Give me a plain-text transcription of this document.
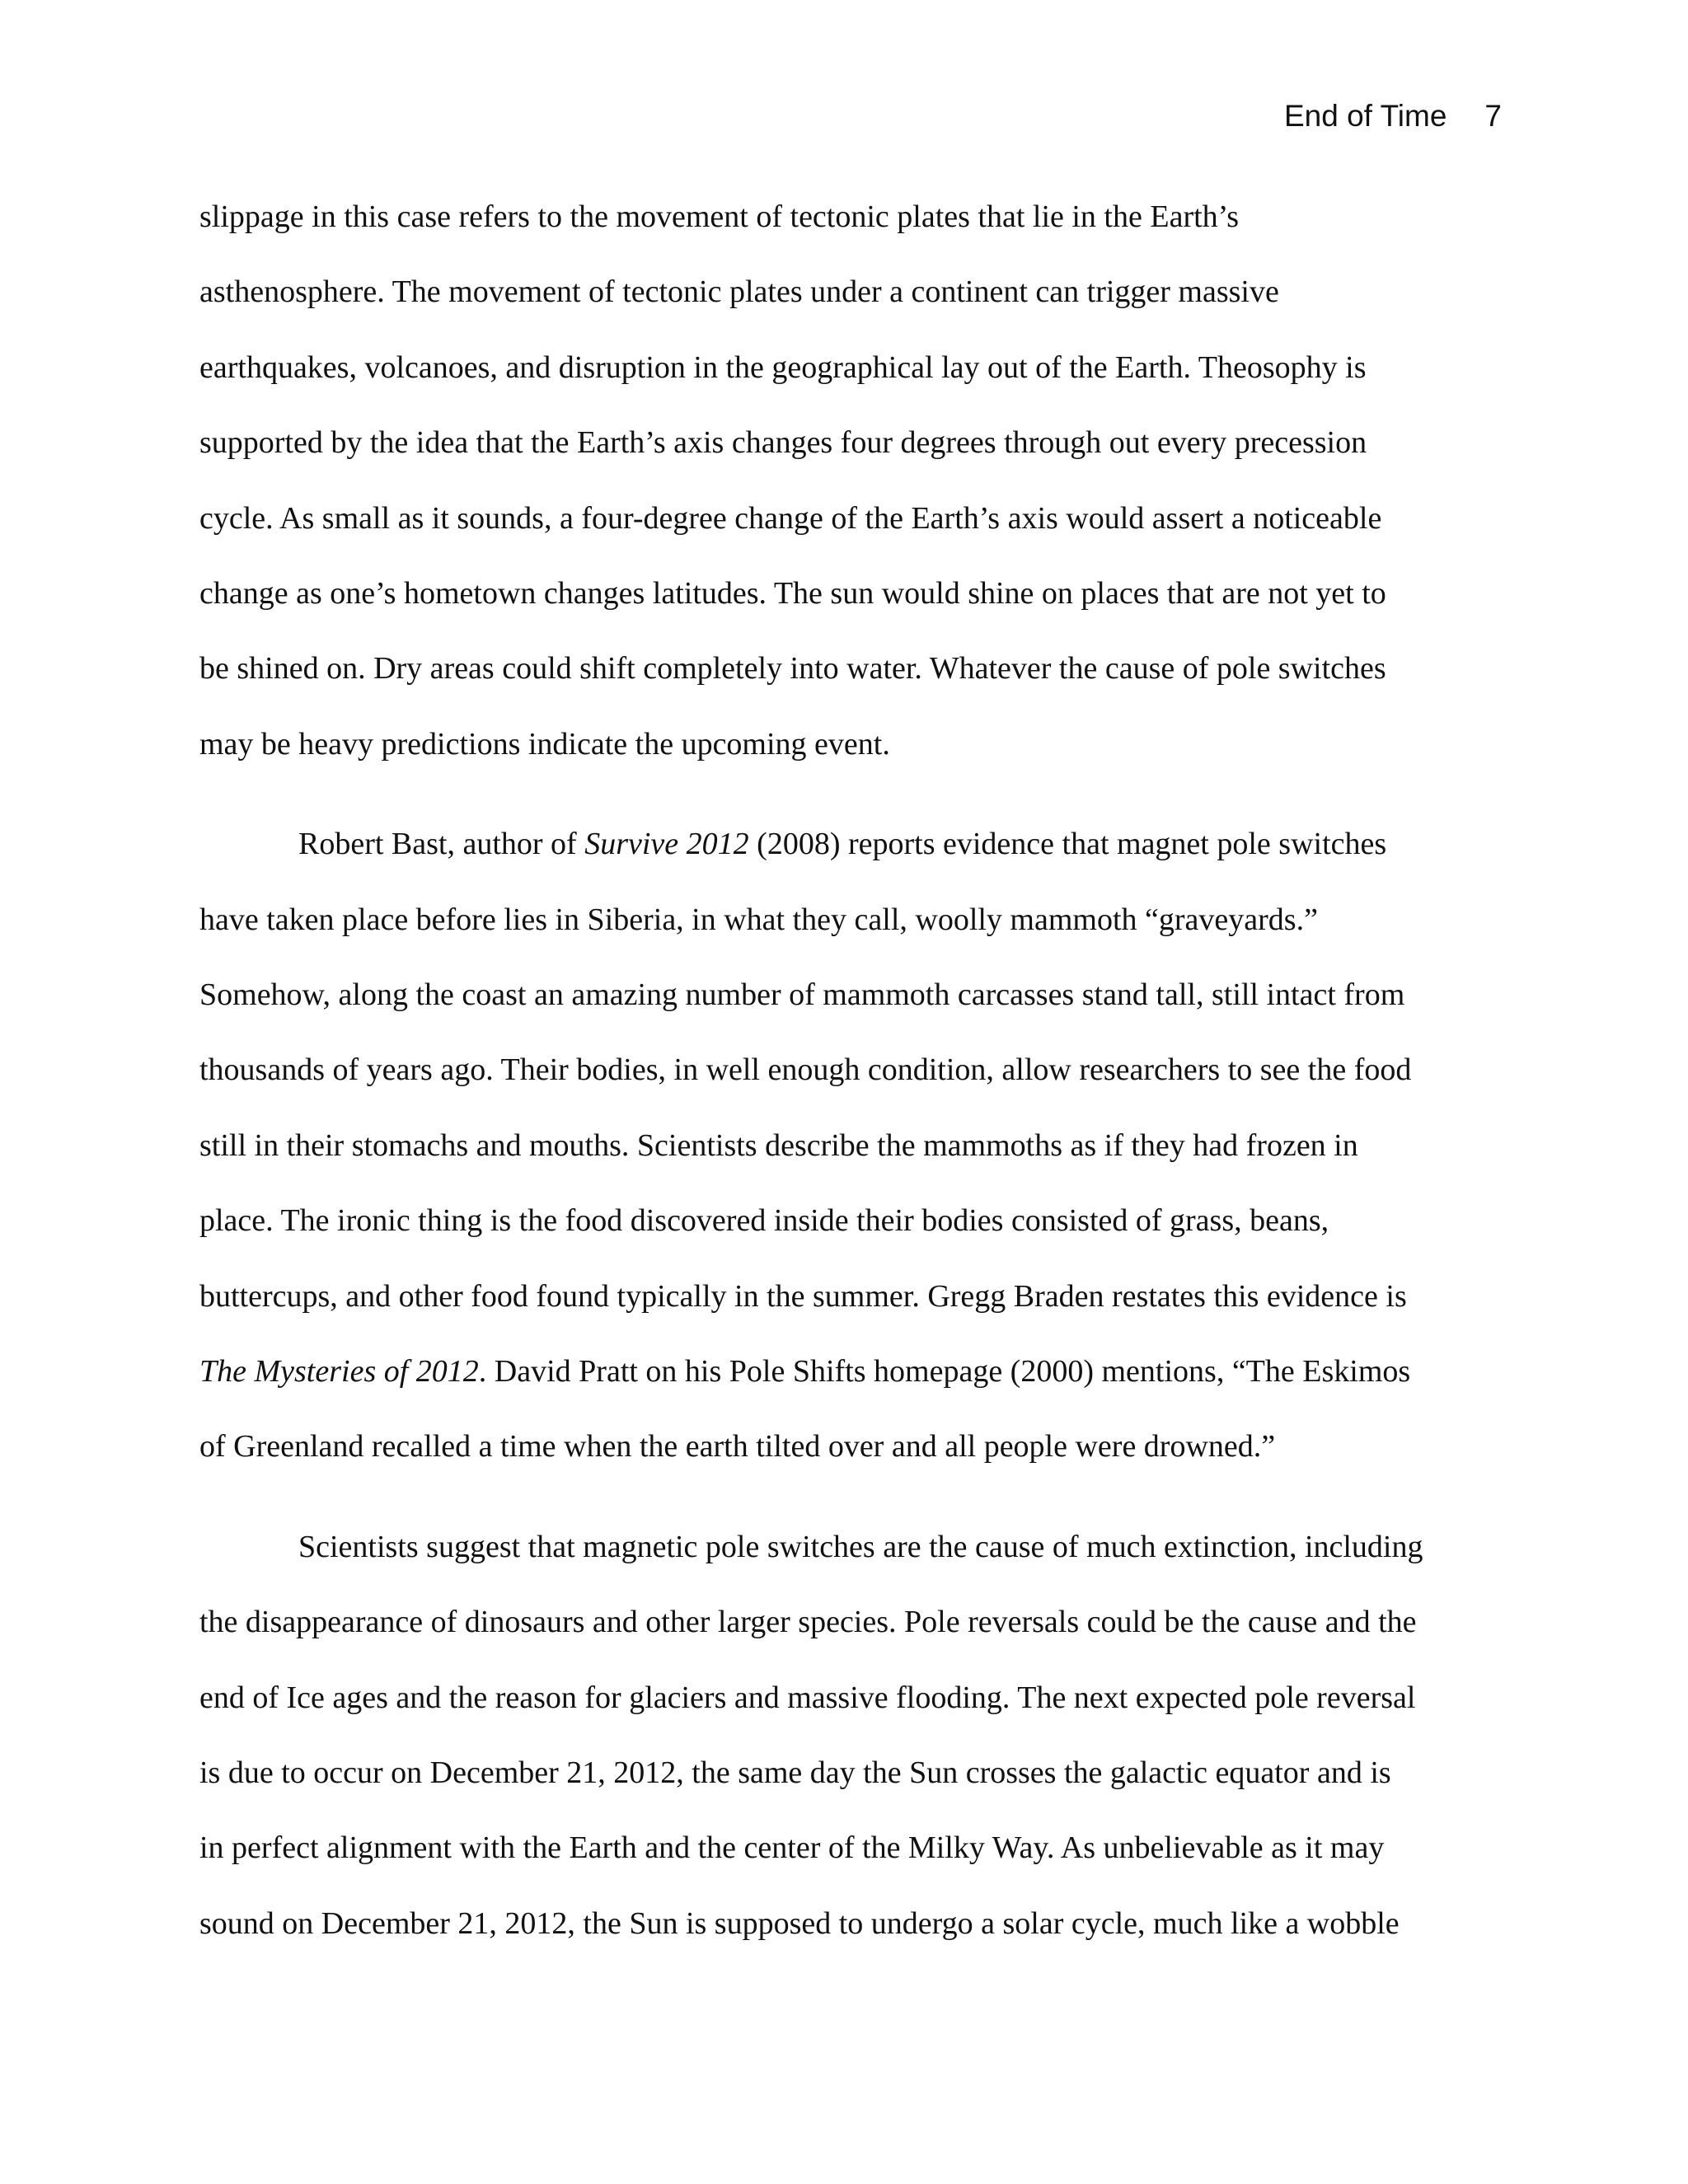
End of Time 7
slippage in this case refers to the movement of tectonic plates that lie in the Earth’s
asthenosphere. The movement of tectonic plates under a continent can trigger massive
earthquakes, volcanoes, and disruption in the geographical lay out of the Earth. Theosophy is
supported by the idea that the Earth’s axis changes four degrees through out every precession
cycle. As small as it sounds, a four-degree change of the Earth’s axis would assert a noticeable
change as one’s hometown changes latitudes. The sun would shine on places that are not yet to
be shined on. Dry areas could shift completely into water. Whatever the cause of pole switches
may be heavy predictions indicate the upcoming event.
Robert Bast, author of Survive 2012 (2008) reports evidence that magnet pole switches
have taken place before lies in Siberia, in what they call, woolly mammoth “graveyards.”
Somehow, along the coast an amazing number of mammoth carcasses stand tall, still intact from
thousands of years ago. Their bodies, in well enough condition, allow researchers to see the food
still in their stomachs and mouths. Scientists describe the mammoths as if they had frozen in
place. The ironic thing is the food discovered inside their bodies consisted of grass, beans,
buttercups, and other food found typically in the summer. Gregg Braden restates this evidence is
The Mysteries of 2012. David Pratt on his Pole Shifts homepage (2000) mentions, “The Eskimos
of Greenland recalled a time when the earth tilted over and all people were drowned.”
Scientists suggest that magnetic pole switches are the cause of much extinction, including
the disappearance of dinosaurs and other larger species. Pole reversals could be the cause and the
end of Ice ages and the reason for glaciers and massive flooding. The next expected pole reversal
is due to occur on December 21, 2012, the same day the Sun crosses the galactic equator and is
in perfect alignment with the Earth and the center of the Milky Way. As unbelievable as it may
sound on December 21, 2012, the Sun is supposed to undergo a solar cycle, much like a wobble
